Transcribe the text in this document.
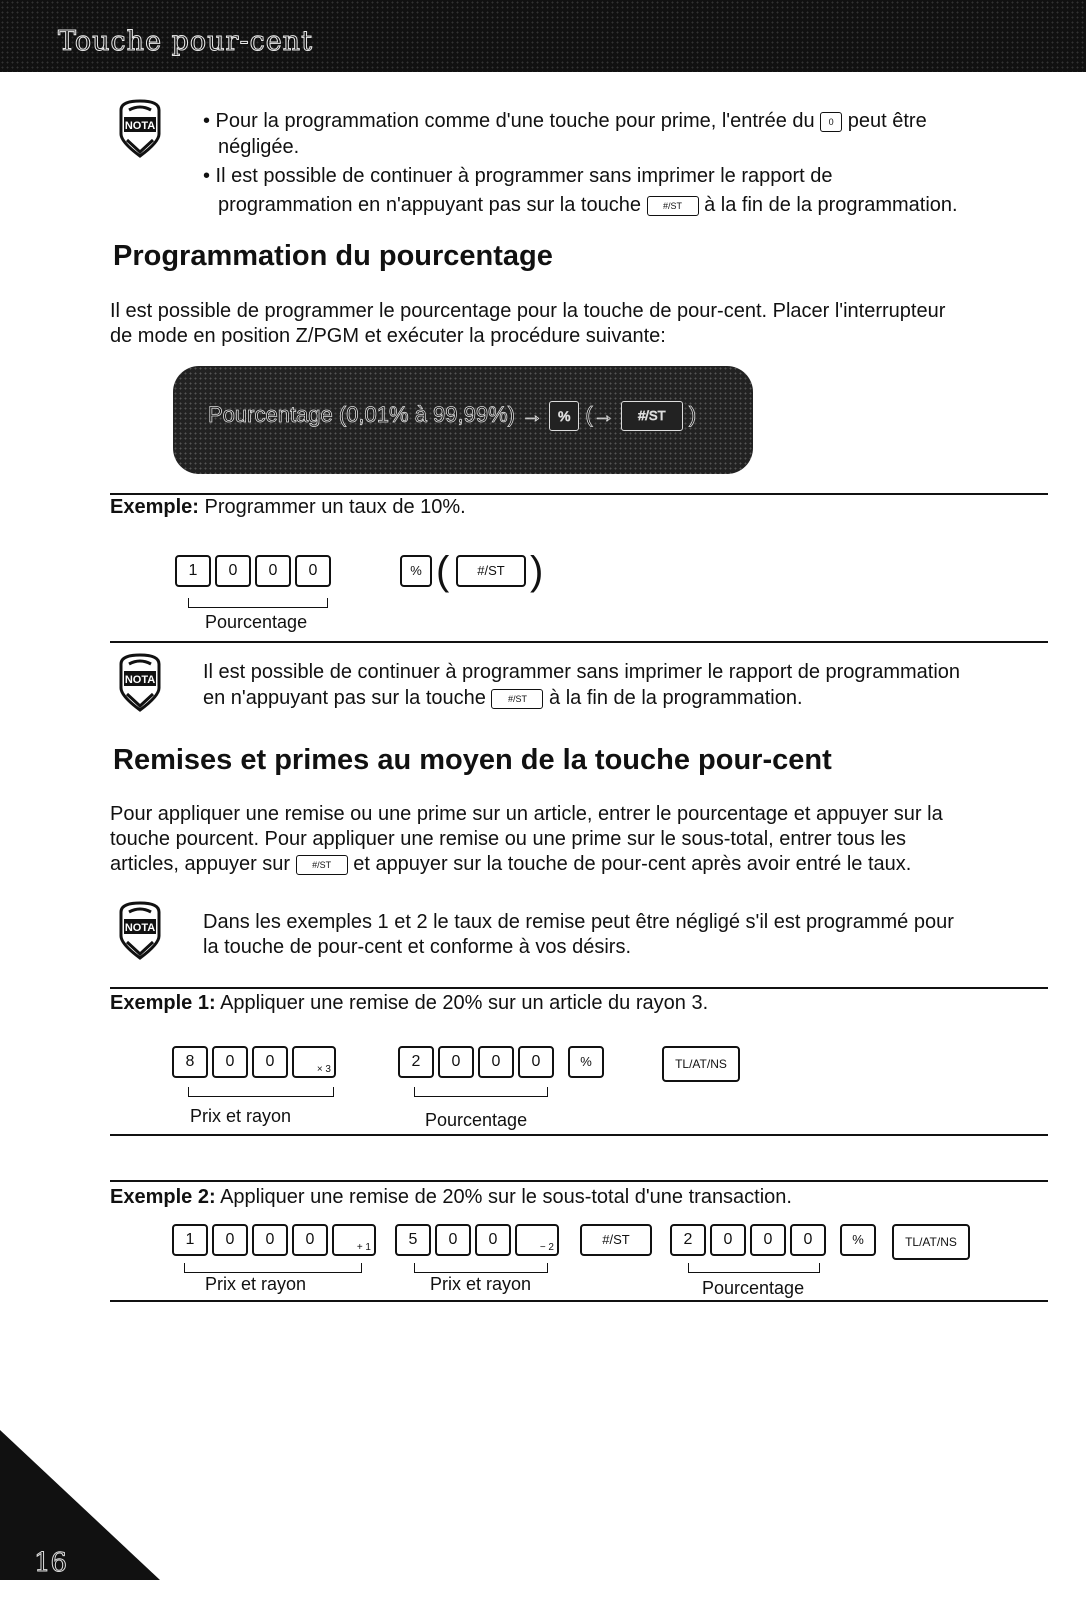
Touche pour-cent
NOTA • Pour la programmation comme d'une touche pour prime, l'entrée du 0 peut être
négligée.
• Il est possible de continuer à programmer sans imprimer le rapport de
programmation en n'appuyant pas sur la touche #/ST à la fin de la programmation.
Programmation du pourcentage
Il est possible de programmer le pourcentage pour la touche de pour-cent. Placer l'interrupteur
de mode en position Z/PGM et exécuter la procédure suivante:
Pourcentage (0,01% à 99,99%) → % (→ #/ST )
Exemple: Programmer un taux de 10%.
1	0	0	0	% (	#/ST )
Pourcentage
NOTA Il est possible de continuer à programmer sans imprimer le rapport de programmation
en n'appuyant pas sur la touche #/ST à la fin de la programmation.
Remises et primes au moyen de la touche pour-cent
Pour appliquer une remise ou une prime sur un article, entrer le pourcentage et appuyer sur la
touche pourcent. Pour appliquer une remise ou une prime sur le sous-total, entrer tous les
articles, appuyer sur #/ST et appuyer sur la touche de pour-cent après avoir entré le taux.
NOTA Dans les exemples 1 et 2 le taux de remise peut être négligé s'il est programmé pour
la touche de pour-cent et conforme à vos désirs.
Exemple 1: Appliquer une remise de 20% sur un article du rayon 3.
8	0	0	× 3
Prix et rayon
2	0	0	0	%
Pourcentage
TL/AT/NS
Exemple 2: Appliquer une remise de 20% sur le sous-total d'une transaction.
1	0	0	0	+ 1
Prix et rayon
5	0	0	− 2
Prix et rayon
#/ST	2	0	0	0	%
Pourcentage
TL/AT/NS
16
